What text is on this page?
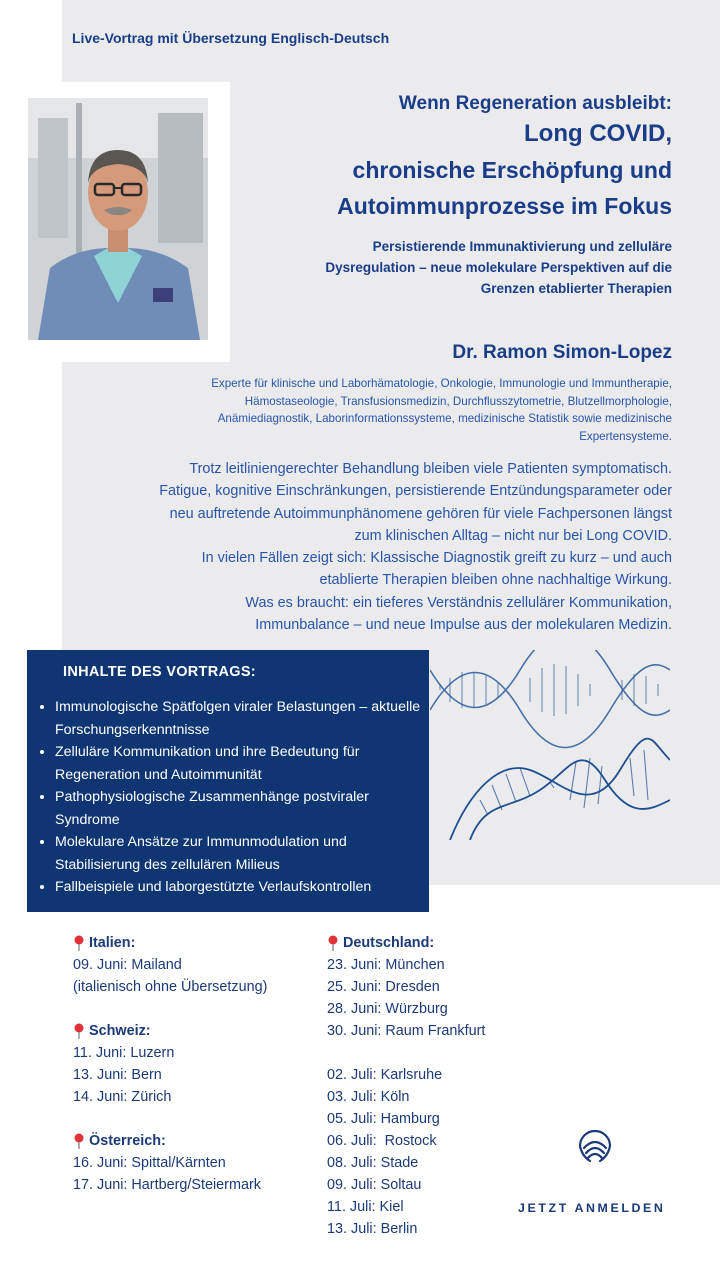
Live-Vortrag mit Übersetzung Englisch-Deutsch
Wenn Regeneration ausbleibt:
Long COVID,
chronische Erschöpfung und
Autoimmunprozesse im Fokus
Persistierende Immunaktivierung und zelluläre
Dysregulation – neue molekulare Perspektiven auf die
Grenzen etablierter Therapien
Dr. Ramon Simon-Lopez
Experte für klinische und Laborhämatologie, Onkologie, Immunologie und Immuntherapie,
Hämostaseologie, Transfusionsmedizin, Durchflusszytometrie, Blutzellmorphologie,
Anämiediagnostik, Laborinformationssysteme, medizinische Statistik sowie medizinische
Expertensysteme.

Trotz leitliniengerechter Behandlung bleiben viele Patienten symptomatisch.

Fatigue, kognitive Einschränkungen, persistierende Entzündungsparameter oder

neu auftretende Autoimmunphänomene gehören für viele Fachpersonen längst

zum klinischen Alltag – nicht nur bei Long COVID.

In vielen Fällen zeigt sich: Klassische Diagnostik greift zu kurz – und auch

etablierte Therapien bleiben ohne nachhaltige Wirkung.

Was es braucht: ein tieferes Verständnis zellulärer Kommunikation,

Immunbalance – und neue Impulse aus der molekularen Medizin.

INHALTE DES VORTRAGS:
• Immunologische Spätfolgen viraler Belastungen – aktuelle Forschungserkenntnisse
• Zelluläre Kommunikation und ihre Bedeutung für Regeneration und Autoimmunität
• Pathophysiologische Zusammenhänge postviraler Syndrome
• Molekulare Ansätze zur Immunmodulation und Stabilisierung des zellulären Milieus
• Fallbeispiele und laborgestützte Verlaufskontrollen
Italien:
09. Juni: Mailand
(italienisch ohne Übersetzung)
Schweiz:
11. Juni: Luzern
13. Juni: Bern
14. Juni: Zürich
Österreich:
16. Juni: Spittal/Kärnten
17. Juni: Hartberg/Steiermark
Deutschland:
23. Juni: München
25. Juni: Dresden
28. Juni: Würzburg
30. Juni: Raum Frankfurt
02. Juli: Karlsruhe
03. Juli: Köln
05. Juli: Hamburg
06. Juli:  Rostock
08. Juli: Stade
09. Juli: Soltau
11. Juli: Kiel
13. Juli: Berlin
JETZT ANMELDEN
